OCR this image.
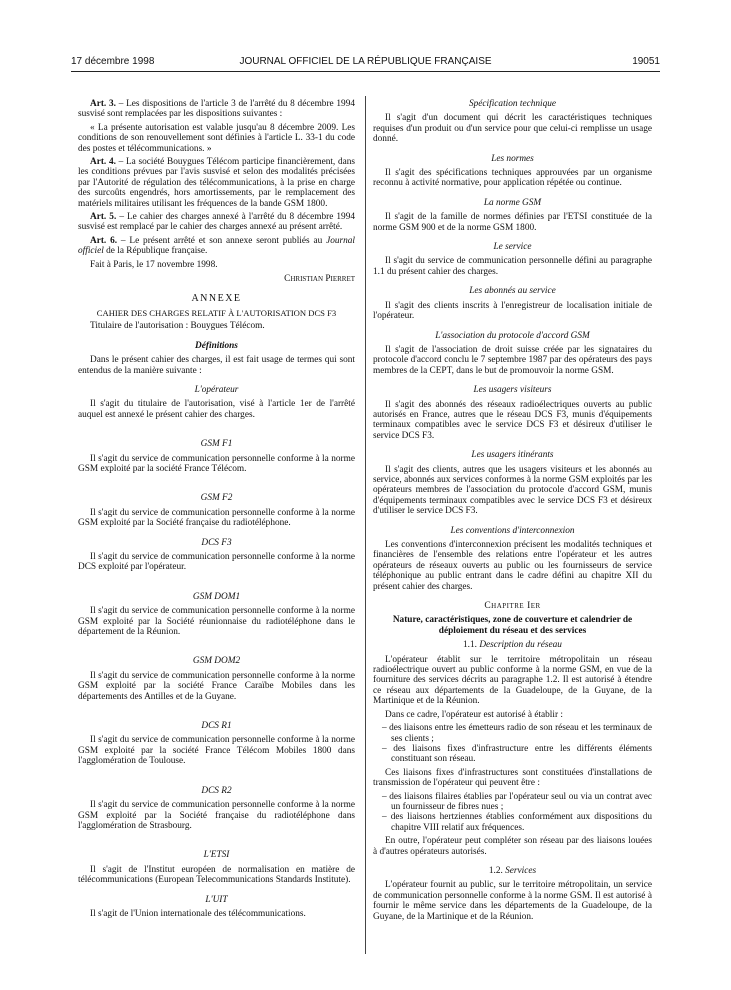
17 décembre 1998	JOURNAL OFFICIEL DE LA RÉPUBLIQUE FRANÇAISE	19051

Art. 3. – Les dispositions de l'article 3 de l'arrêté du 8 décembre 1994 susvisé sont remplacées par les dispositions suivantes :

« La présente autorisation est valable jusqu'au 8 décembre 2009. Les conditions de son renouvellement sont définies à l'article L. 33-1 du code des postes et télécommunications. »

Art. 4. – La société Bouygues Télécom participe financièrement, dans les conditions prévues par l'avis susvisé et selon des modalités précisées par l'Autorité de régulation des télécommunications, à la prise en charge des surcoûts engendrés, hors amortissements, par le remplacement des matériels militaires utilisant les fréquences de la bande GSM 1800.

Art. 5. – Le cahier des charges annexé à l'arrêté du 8 décembre 1994 susvisé est remplacé par le cahier des charges annexé au présent arrêté.

Art. 6. – Le présent arrêté et son annexe seront publiés au Journal officiel de la République française.

Fait à Paris, le 17 novembre 1998.

Christian Pierret
ANNEXE

CAHIER DES CHARGES RELATIF À L'AUTORISATION DCS F3

Titulaire de l'autorisation : Bouygues Télécom.

Définitions

Dans le présent cahier des charges, il est fait usage de termes qui sont entendus de la manière suivante :

L'opérateur

Il s'agit du titulaire de l'autorisation, visé à l'article 1er de l'arrêté auquel est annexé le présent cahier des charges.

GSM F1

Il s'agit du service de communication personnelle conforme à la norme GSM exploité par la société France Télécom.

GSM F2

Il s'agit du service de communication personnelle conforme à la norme GSM exploité par la Société française du radiotéléphone.

DCS F3

Il s'agit du service de communication personnelle conforme à la norme DCS exploité par l'opérateur.

GSM DOM1

Il s'agit du service de communication personnelle conforme à la norme GSM exploité par la Société réunionnaise du radiotéléphone dans le département de la Réunion.

GSM DOM2

Il s'agit du service de communication personnelle conforme à la norme GSM exploité par la société France Caraïbe Mobiles dans les départements des Antilles et de la Guyane.

DCS R1

Il s'agit du service de communication personnelle conforme à la norme GSM exploité par la société France Télécom Mobiles 1800 dans l'agglomération de Toulouse.

DCS R2

Il s'agit du service de communication personnelle conforme à la norme GSM exploité par la Société française du radiotéléphone dans l'agglomération de Strasbourg.

L'ETSI

Il s'agit de l'Institut européen de normalisation en matière de télécommunications (European Telecommunications Standards Institute).

L'UIT

Il s'agit de l'Union internationale des télécommunications.

Spécification technique

Il s'agit d'un document qui décrit les caractéristiques techniques requises d'un produit ou d'un service pour que celui-ci remplisse un usage donné.

Les normes

Il s'agit des spécifications techniques approuvées par un organisme reconnu à activité normative, pour application répétée ou continue.

La norme GSM

Il s'agit de la famille de normes définies par l'ETSI constituée de la norme GSM 900 et de la norme GSM 1800.

Le service

Il s'agit du service de communication personnelle défini au paragraphe 1.1 du présent cahier des charges.

Les abonnés au service

Il s'agit des clients inscrits à l'enregistreur de localisation initiale de l'opérateur.

L'association du protocole d'accord GSM

Il s'agit de l'association de droit suisse créée par les signataires du protocole d'accord conclu le 7 septembre 1987 par des opérateurs des pays membres de la CEPT, dans le but de promouvoir la norme GSM.

Les usagers visiteurs

Il s'agit des abonnés des réseaux radioélectriques ouverts au public autorisés en France, autres que le réseau DCS F3, munis d'équipements terminaux compatibles avec le service DCS F3 et désireux d'utiliser le service DCS F3.

Les usagers itinérants

Il s'agit des clients, autres que les usagers visiteurs et les abonnés au service, abonnés aux services conformes à la norme GSM exploités par les opérateurs membres de l'association du protocole d'accord GSM, munis d'équipements terminaux compatibles avec le service DCS F3 et désireux d'utiliser le service DCS F3.

Les conventions d'interconnexion

Les conventions d'interconnexion précisent les modalités techniques et financières de l'ensemble des relations entre l'opérateur et les autres opérateurs de réseaux ouverts au public ou les fournisseurs de service téléphonique au public entrant dans le cadre défini au chapitre XII du présent cahier des charges.

Chapitre Ier

Nature, caractéristiques, zone de couverture et calendrier de déploiement du réseau et des services

1.1. Description du réseau

L'opérateur établit sur le territoire métropolitain un réseau radioélectrique ouvert au public conforme à la norme GSM, en vue de la fourniture des services décrits au paragraphe 1.2. Il est autorisé à étendre ce réseau aux départements de la Guadeloupe, de la Guyane, de la Martinique et de la Réunion.

Dans ce cadre, l'opérateur est autorisé à établir :

– des liaisons entre les émetteurs radio de son réseau et les terminaux de ses clients ;
– des liaisons fixes d'infrastructure entre les différents éléments constituant son réseau.

Ces liaisons fixes d'infrastructures sont constituées d'installations de transmission de l'opérateur qui peuvent être :

– des liaisons filaires établies par l'opérateur seul ou via un contrat avec un fournisseur de fibres nues ;
– des liaisons hertziennes établies conformément aux dispositions du chapitre VIII relatif aux fréquences.

En outre, l'opérateur peut compléter son réseau par des liaisons louées à d'autres opérateurs autorisés.

1.2. Services

L'opérateur fournit au public, sur le territoire métropolitain, un service de communication personnelle conforme à la norme GSM. Il est autorisé à fournir le même service dans les départements de la Guadeloupe, de la Guyane, de la Martinique et de la Réunion.
